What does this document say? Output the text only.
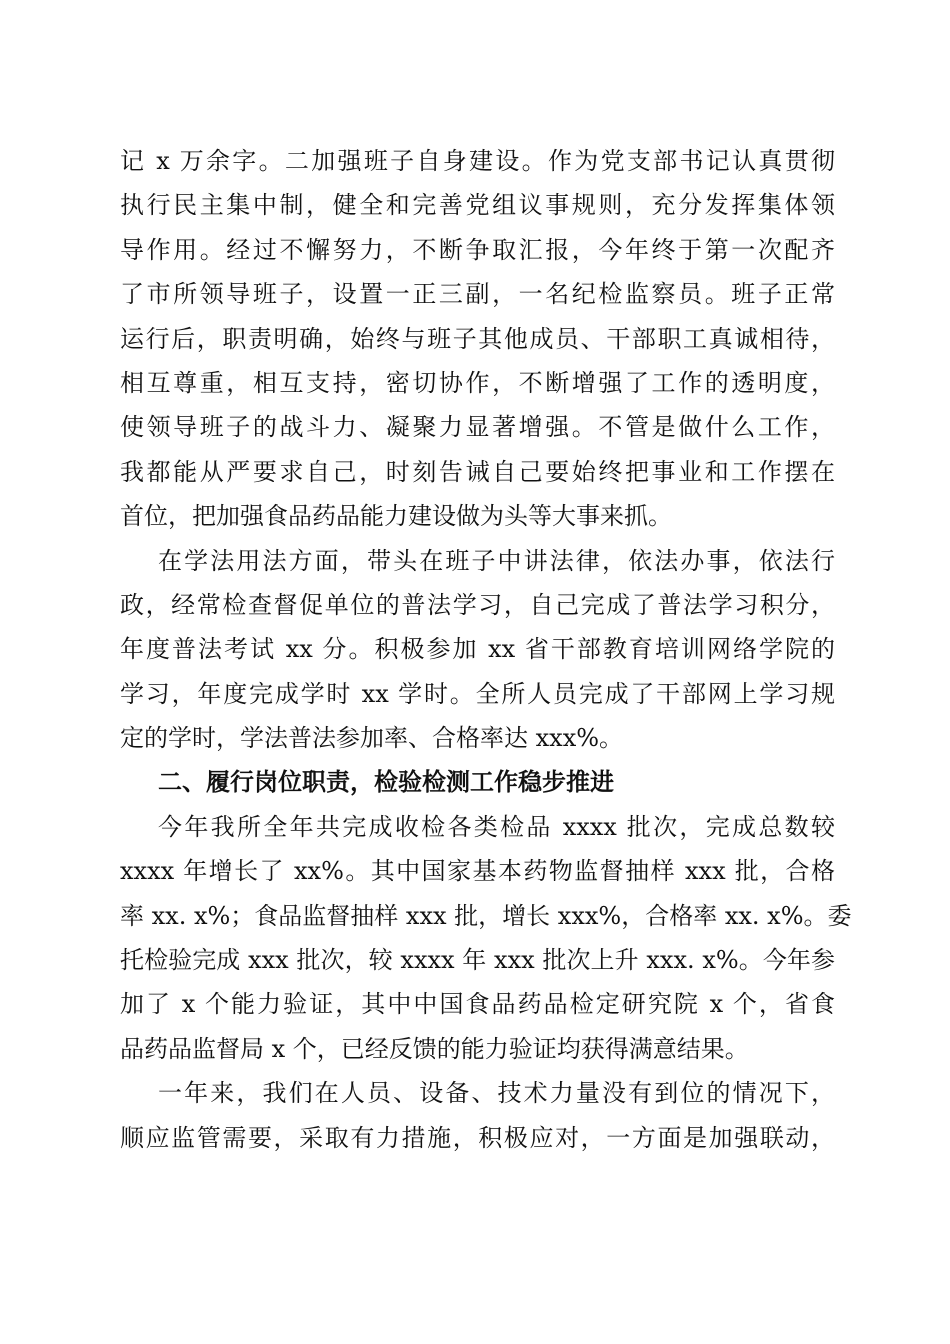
记 x 万余字。二加强班子自身建设。作为党支部书记认真贯彻
执行民主集中制，健全和完善党组议事规则，充分发挥集体领
导作用。经过不懈努力，不断争取汇报，今年终于第一次配齐
了市所领导班子，设置一正三副，一名纪检监察员。班子正常
运行后，职责明确，始终与班子其他成员、干部职工真诚相待，
相互尊重，相互支持，密切协作，不断增强了工作的透明度，
使领导班子的战斗力、凝聚力显著增强。不管是做什么工作，
我都能从严要求自己，时刻告诫自己要始终把事业和工作摆在
首位，把加强食品药品能力建设做为头等大事来抓。
在学法用法方面，带头在班子中讲法律，依法办事，依法行
政，经常检查督促单位的普法学习，自己完成了普法学习积分，
年度普法考试 xx 分。积极参加 xx 省干部教育培训网络学院的
学习，年度完成学时 xx 学时。全所人员完成了干部网上学习规
定的学时，学法普法参加率、合格率达 xxx%。
二、履行岗位职责，检验检测工作稳步推进
今年我所全年共完成收检各类检品 xxxx 批次，完成总数较
xxxx 年增长了 xx%。其中国家基本药物监督抽样 xxx 批，合格
率 xx. x%；食品监督抽样 xxx 批，增长 xxx%，合格率 xx. x%。委
托检验完成 xxx 批次，较 xxxx 年 xxx 批次上升 xxx. x%。今年参
加了 x 个能力验证，其中中国食品药品检定研究院 x 个，省食
品药品监督局 x 个，已经反馈的能力验证均获得满意结果。
一年来，我们在人员、设备、技术力量没有到位的情况下，
顺应监管需要，采取有力措施，积极应对，一方面是加强联动，
